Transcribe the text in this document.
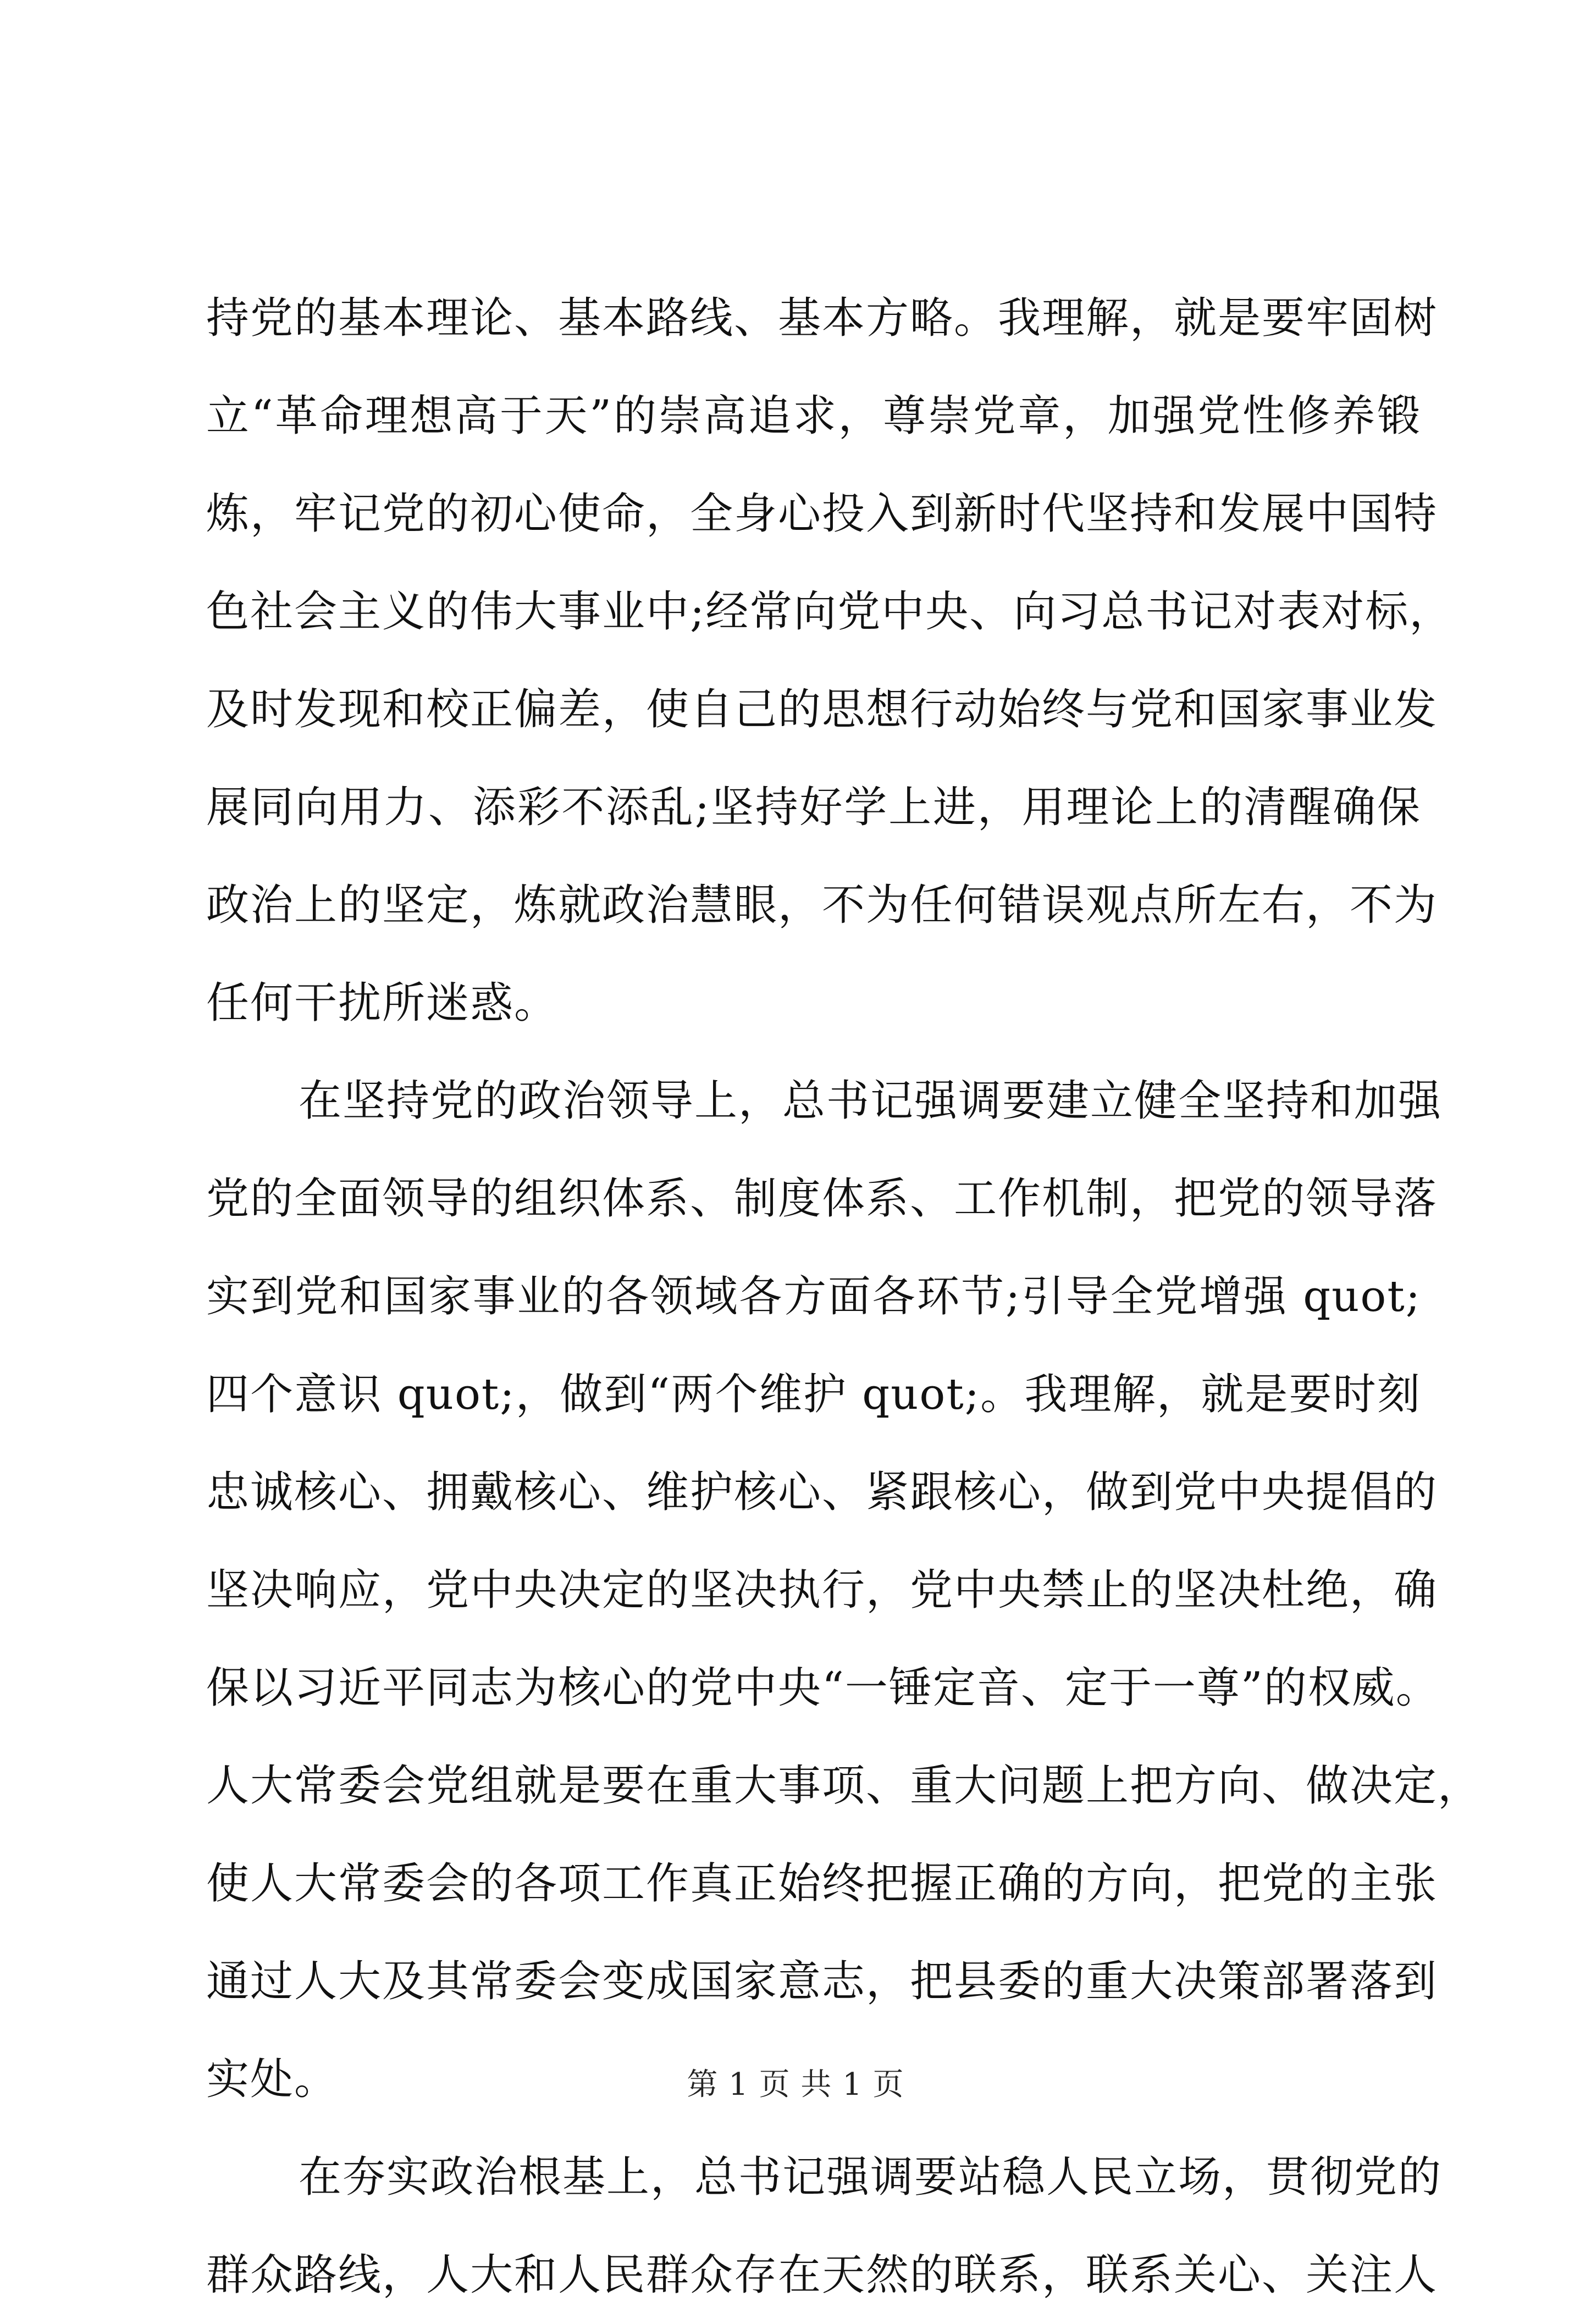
持党的基本理论、基本路线、基本方略。我理解，就是要牢固树
立“革命理想高于天”的崇高追求，尊崇党章，加强党性修养锻
炼，牢记党的初心使命，全身心投入到新时代坚持和发展中国特
色社会主义的伟大事业中;经常向党中央、向习总书记对表对标，
及时发现和校正偏差，使自己的思想行动始终与党和国家事业发
展同向用力、添彩不添乱;坚持好学上进，用理论上的清醒确保
政治上的坚定，炼就政治慧眼，不为任何错误观点所左右，不为
任何干扰所迷惑。
在坚持党的政治领导上，总书记强调要建立健全坚持和加强
党的全面领导的组织体系、制度体系、工作机制，把党的领导落
实到党和国家事业的各领域各方面各环节;引导全党增强 quot;
四个意识 quot;，做到“两个维护 quot;。我理解，就是要时刻
忠诚核心、拥戴核心、维护核心、紧跟核心，做到党中央提倡的
坚决响应，党中央决定的坚决执行，党中央禁止的坚决杜绝，确
保以习近平同志为核心的党中央“一锤定音、定于一尊”的权威。
人大常委会党组就是要在重大事项、重大问题上把方向、做决定，
使人大常委会的各项工作真正始终把握正确的方向，把党的主张
通过人大及其常委会变成国家意志，把县委的重大决策部署落到
实处。
在夯实政治根基上，总书记强调要站稳人民立场，贯彻党的
群众路线，人大和人民群众存在天然的联系，联系关心、关注人
第 1 页 共 1 页
